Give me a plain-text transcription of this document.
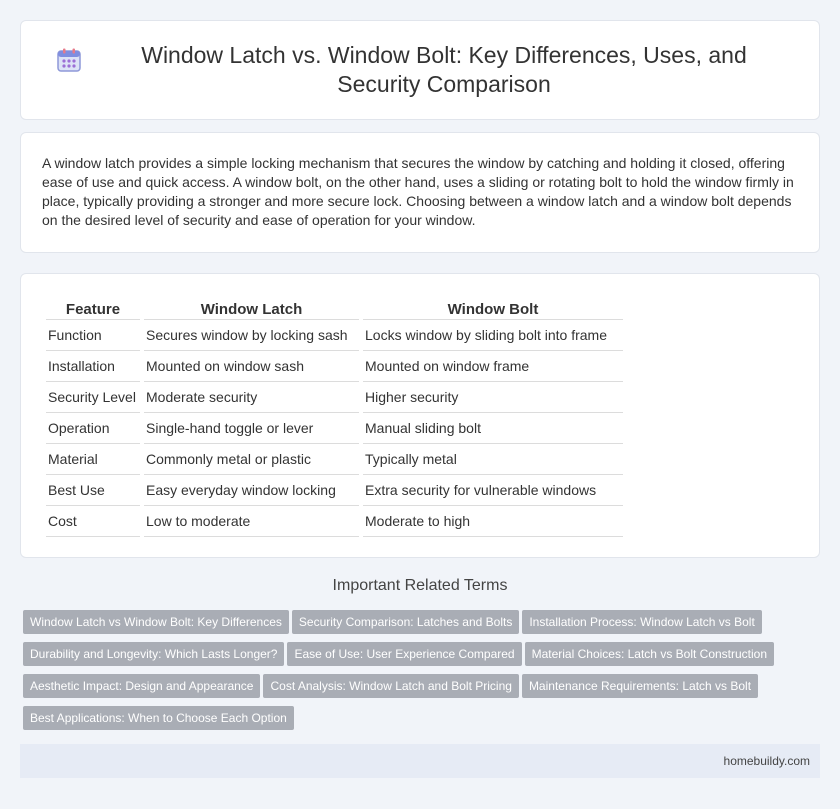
Window Latch vs. Window Bolt: Key Differences, Uses, and Security Comparison

A window latch provides a simple locking mechanism that secures the window by catching and holding it closed, offering ease of use and quick access. A window bolt, on the other hand, uses a sliding or rotating bolt to hold the window firmly in place, typically providing a stronger and more secure lock. Choosing between a window latch and a window bolt depends on the desired level of security and ease of operation for your window.

Feature	Window Latch	Window Bolt
Function	Secures window by locking sash	Locks window by sliding bolt into frame
Installation	Mounted on window sash	Mounted on window frame
Security Level	Moderate security	Higher security
Operation	Single-hand toggle or lever	Manual sliding bolt
Material	Commonly metal or plastic	Typically metal
Best Use	Easy everyday window locking	Extra security for vulnerable windows
Cost	Low to moderate	Moderate to high
Important Related Terms
Window Latch vs Window Bolt: Key Differences Security Comparison: Latches and Bolts Installation Process: Window Latch vs Bolt
Durability and Longevity: Which Lasts Longer? Ease of Use: User Experience Compared Material Choices: Latch vs Bolt Construction
Aesthetic Impact: Design and Appearance Cost Analysis: Window Latch and Bolt Pricing Maintenance Requirements: Latch vs Bolt
Best Applications: When to Choose Each Option
homebuildy.com
